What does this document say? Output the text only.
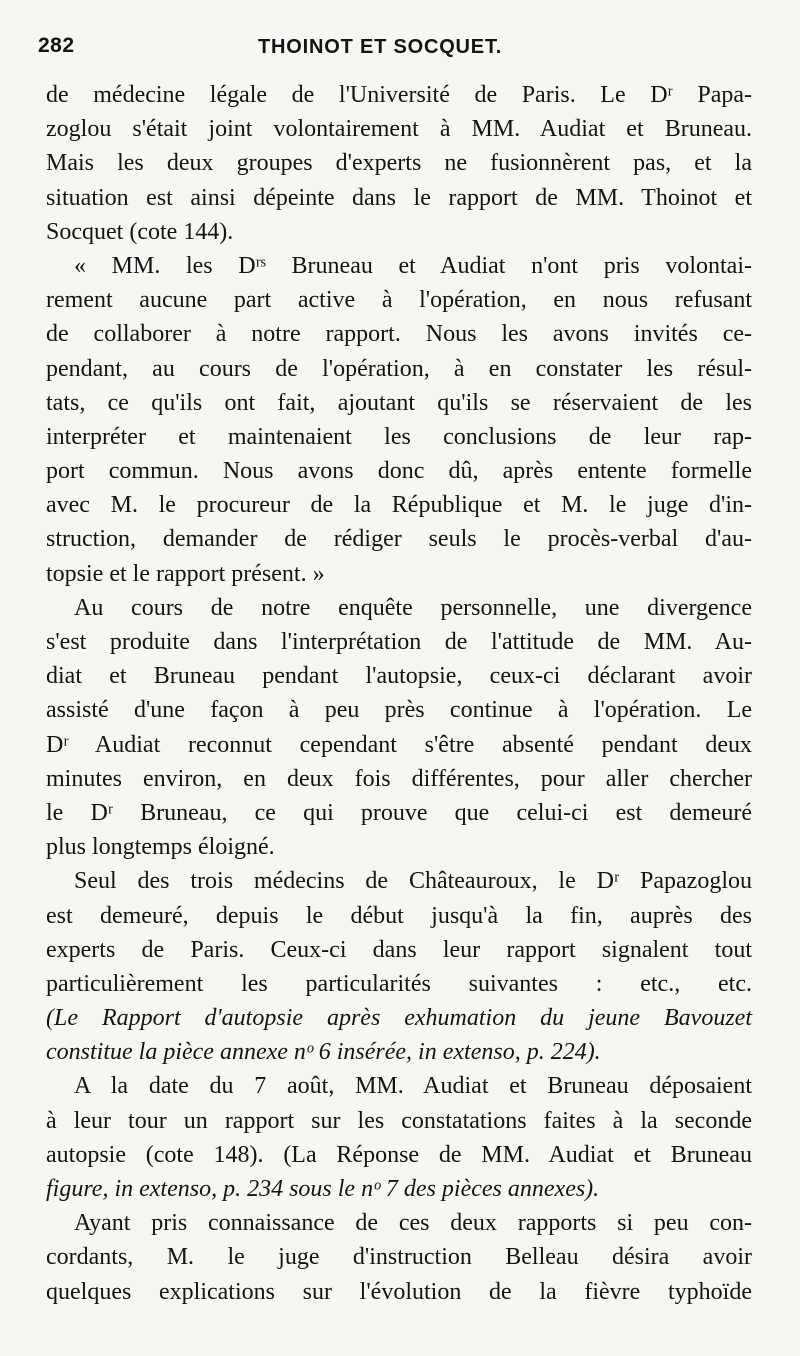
282	THOINOT ET SOCQUET.
de médecine légale de l'Université de Paris. Le Dʳ Papa-
zoglou s'était joint volontairement à MM. Audiat et Bruneau.
Mais les deux groupes d'experts ne fusionnèrent pas, et la
situation est ainsi dépeinte dans le rapport de MM. Thoinot et
Socquet (cote 144).
« MM. les Dʳˢ Bruneau et Audiat n'ont pris volontai-
rement aucune part active à l'opération, en nous refusant
de collaborer à notre rapport. Nous les avons invités ce-
pendant, au cours de l'opération, à en constater les résul-
tats, ce qu'ils ont fait, ajoutant qu'ils se réservaient de les
interpréter et maintenaient les conclusions de leur rap-
port commun. Nous avons donc dû, après entente formelle
avec M. le procureur de la République et M. le juge d'in-
struction, demander de rédiger seuls le procès-verbal d'au-
topsie et le rapport présent. »
Au cours de notre enquête personnelle, une divergence
s'est produite dans l'interprétation de l'attitude de MM. Au-
diat et Bruneau pendant l'autopsie, ceux-ci déclarant avoir
assisté d'une façon à peu près continue à l'opération. Le
Dʳ Audiat reconnut cependant s'être absenté pendant deux
minutes environ, en deux fois différentes, pour aller chercher
le Dʳ Bruneau, ce qui prouve que celui-ci est demeuré
plus longtemps éloigné.
Seul des trois médecins de Châteauroux, le Dʳ Papazoglou
est demeuré, depuis le début jusqu'à la fin, auprès des
experts de Paris. Ceux-ci dans leur rapport signalent tout
particulièrement les particularités suivantes : etc., etc.
(Le Rapport d'autopsie après exhumation du jeune Bavouzet
constitue la pièce annexe nᵒ 6 insérée, in extenso, p. 224).
A la date du 7 août, MM. Audiat et Bruneau déposaient
à leur tour un rapport sur les constatations faites à la seconde
autopsie (cote 148). (La Réponse de MM. Audiat et Bruneau
figure, in extenso, p. 234 sous le nᵒ 7 des pièces annexes).
Ayant pris connaissance de ces deux rapports si peu con-
cordants, M. le juge d'instruction Belleau désira avoir
quelques explications sur l'évolution de la fièvre typhoïde
